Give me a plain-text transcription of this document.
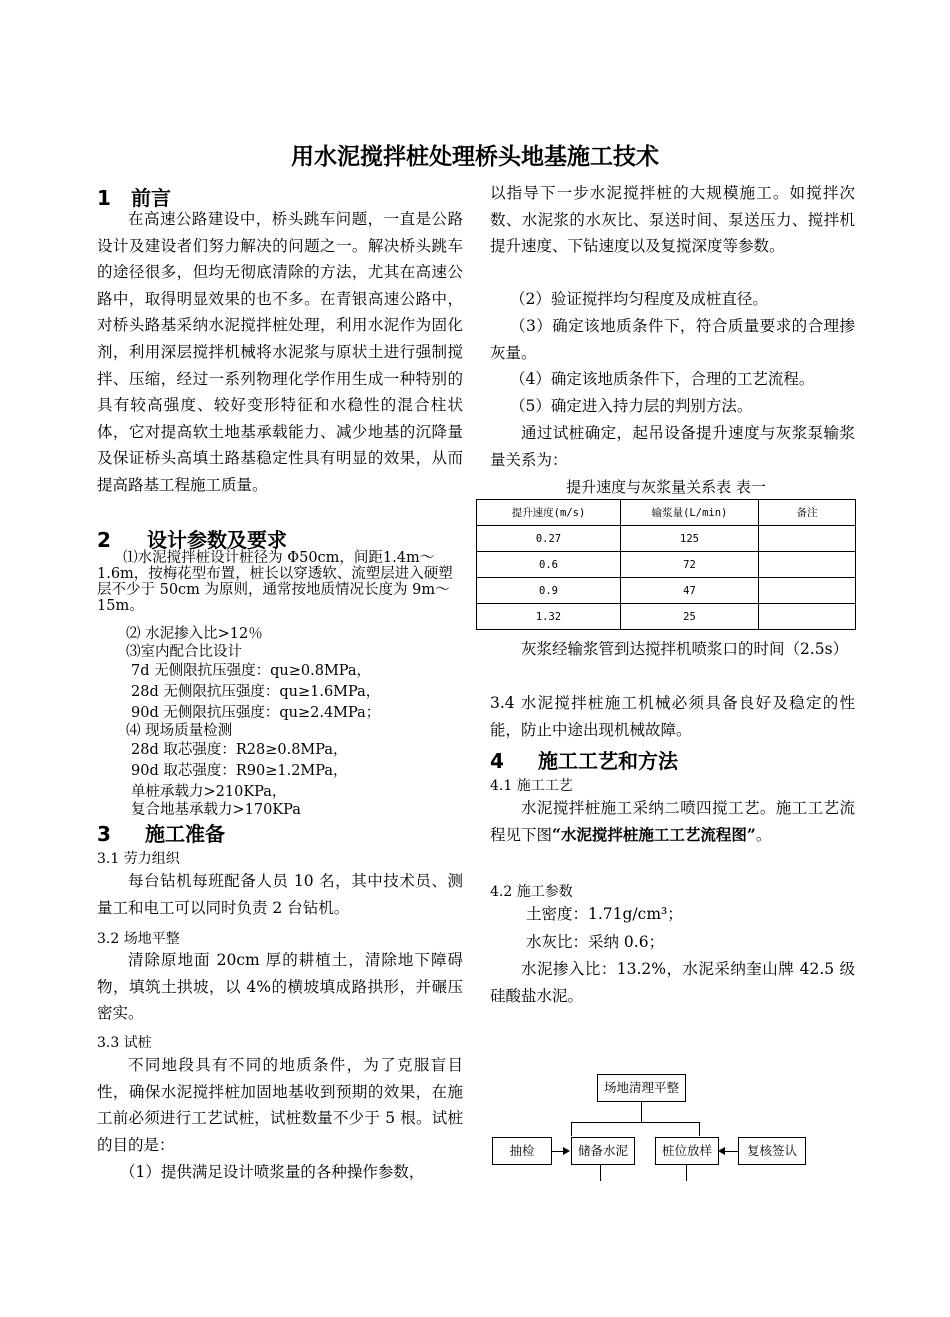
用水泥搅拌桩处理桥头地基施工技术
1 前言
在高速公路建设中，桥头跳车问题，一直是公路设计及建设者们努力解决的问题之一。解决桥头跳车的途径很多，但均无彻底清除的方法，尤其在高速公路中，取得明显效果的也不多。在青银高速公路中，对桥头路基采纳水泥搅拌桩处理，利用水泥作为固化剂，利用深层搅拌机械将水泥浆与原状土进行强制搅拌、压缩，经过一系列物理化学作用生成一种特别的具有较高强度、较好变形特征和水稳性的混合柱状体，它对提高软土地基承载能力、减少地基的沉降量及保证桥头高填土路基稳定性具有明显的效果，从而提高路基工程施工质量。
2 设计参数及要求
⑴水泥搅拌桩设计桩径为 Φ50cm，间距1.4m～1.6m，按梅花型布置，桩长以穿透软、流塑层进入硬塑层不少于 50cm 为原则，通常按地质情况长度为 9m～15m。
⑵ 水泥掺入比>12％
⑶室内配合比设计
7d 无侧限抗压强度：qu≥0.8MPa，
28d 无侧限抗压强度：qu≥1.6MPa，
90d 无侧限抗压强度：qu≥2.4MPa；
⑷ 现场质量检测
28d 取芯强度：R28≥0.8MPa，
90d 取芯强度：R90≥1.2MPa，
单桩承载力>210KPa，
复合地基承载力>170KPa
3 施工准备
3.1 劳力组织
每台钻机每班配备人员 10 名，其中技术员、测量工和电工可以同时负责 2 台钻机。
3.2 场地平整
清除原地面 20cm 厚的耕植土，清除地下障碍物，填筑土拱坡，以 4%的横坡填成路拱形，并碾压密实。
3.3 试桩
不同地段具有不同的地质条件，为了克服盲目性，确保水泥搅拌桩加固地基收到预期的效果，在施工前必须进行工艺试桩，试桩数量不少于 5 根。试桩的目的是：
（1）提供满足设计喷浆量的各种操作参数，
以指导下一步水泥搅拌桩的大规模施工。如搅拌次数、水泥浆的水灰比、泵送时间、泵送压力、搅拌机提升速度、下钻速度以及复搅深度等参数。
（2）验证搅拌均匀程度及成桩直径。
（3）确定该地质条件下，符合质量要求的合理掺灰量。
（4）确定该地质条件下，合理的工艺流程。
（5）确定进入持力层的判别方法。
通过试桩确定，起吊设备提升速度与灰浆泵输浆量关系为：
提升速度与灰浆量关系表 表一
提升速度(m/s)	输浆量(L/min)	备注
0.27	125	
0.6	72	
0.9	47	
1.32	25	
灰浆经输浆管到达搅拌机喷浆口的时间（2.5s）
3.4 水泥搅拌桩施工机械必须具备良好及稳定的性能，防止中途出现机械故障。
4 施工工艺和方法
4.1 施工工艺
水泥搅拌桩施工采纳二喷四搅工艺。施工工艺流程见下图“水泥搅拌桩施工工艺流程图”。
4.2 施工参数
土密度：1.71g/cm³；
水灰比：采纳 0.6；
水泥掺入比：13.2%，水泥采纳奎山牌 42.5 级硅酸盐水泥。
场地清理平整
抽检	储备水泥	桩位放样	复核签认
